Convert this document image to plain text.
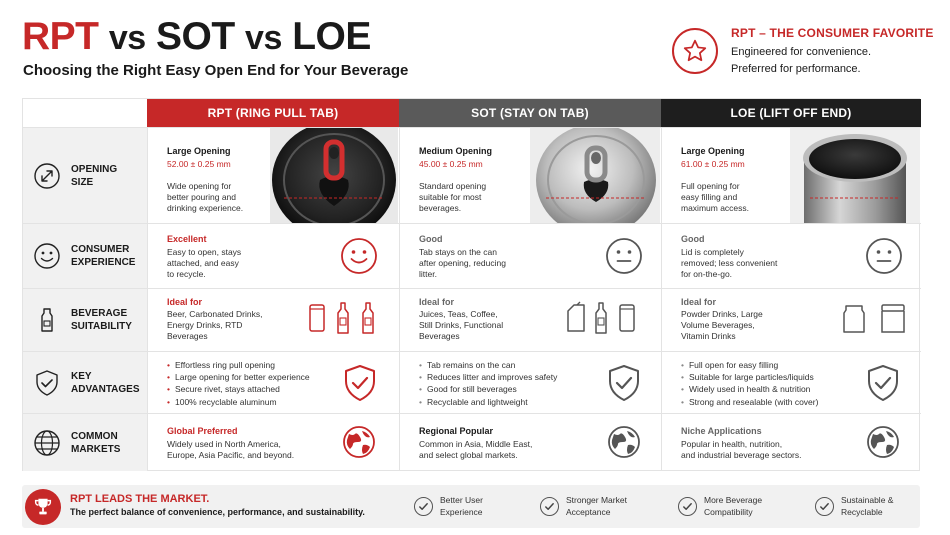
RPT vs SOT vs LOE
Choosing the Right Easy Open End for Your Beverage
RPT – THE CONSUMER FAVORITE
Engineered for convenience.
Preferred for performance.
RPT (RING PULL TAB)	SOT (STAY ON TAB)	LOE (LIFT OFF END)
OPENING
SIZE
Large Opening
52.00 ± 0.25 mm
Wide opening for
better pouring and
drinking experience.
Medium Opening
45.00 ± 0.25 mm
Standard opening
suitable for most
beverages.
Large Opening
61.00 ± 0.25 mm
Full opening for
easy filling and
maximum access.
CONSUMER
EXPERIENCE
Excellent
Easy to open, stays
attached, and easy
to recycle.
Good
Tab stays on the can
after opening, reducing
litter.
Good
Lid is completely
removed; less convenient
for on-the-go.
BEVERAGE
SUITABILITY
Ideal for
Beer, Carbonated Drinks,
Energy Drinks, RTD
Beverages
Ideal for
Juices, Teas, Coffee,
Still Drinks, Functional
Beverages
Ideal for
Powder Drinks, Large
Volume Beverages,
Vitamin Drinks
KEY
ADVANTAGES
• Effortless ring pull opening
• Large opening for better experience
• Secure rivet, stays attached
• 100% recyclable aluminum
• Tab remains on the can
• Reduces litter and improves safety
• Good for still beverages
• Recyclable and lightweight
• Full open for easy filling
• Suitable for large particles/liquids
• Widely used in health & nutrition
• Strong and resealable (with cover)
COMMON
MARKETS
Global Preferred
Widely used in North America,
Europe, Asia Pacific, and beyond.
Regional Popular
Common in Asia, Middle East,
and select global markets.
Niche Applications
Popular in health, nutrition,
and industrial beverage sectors.
RPT LEADS THE MARKET.
The perfect balance of convenience, performance, and sustainability.
Better User
Experience
Stronger Market
Acceptance
More Beverage
Compatibility
Sustainable &
Recyclable
